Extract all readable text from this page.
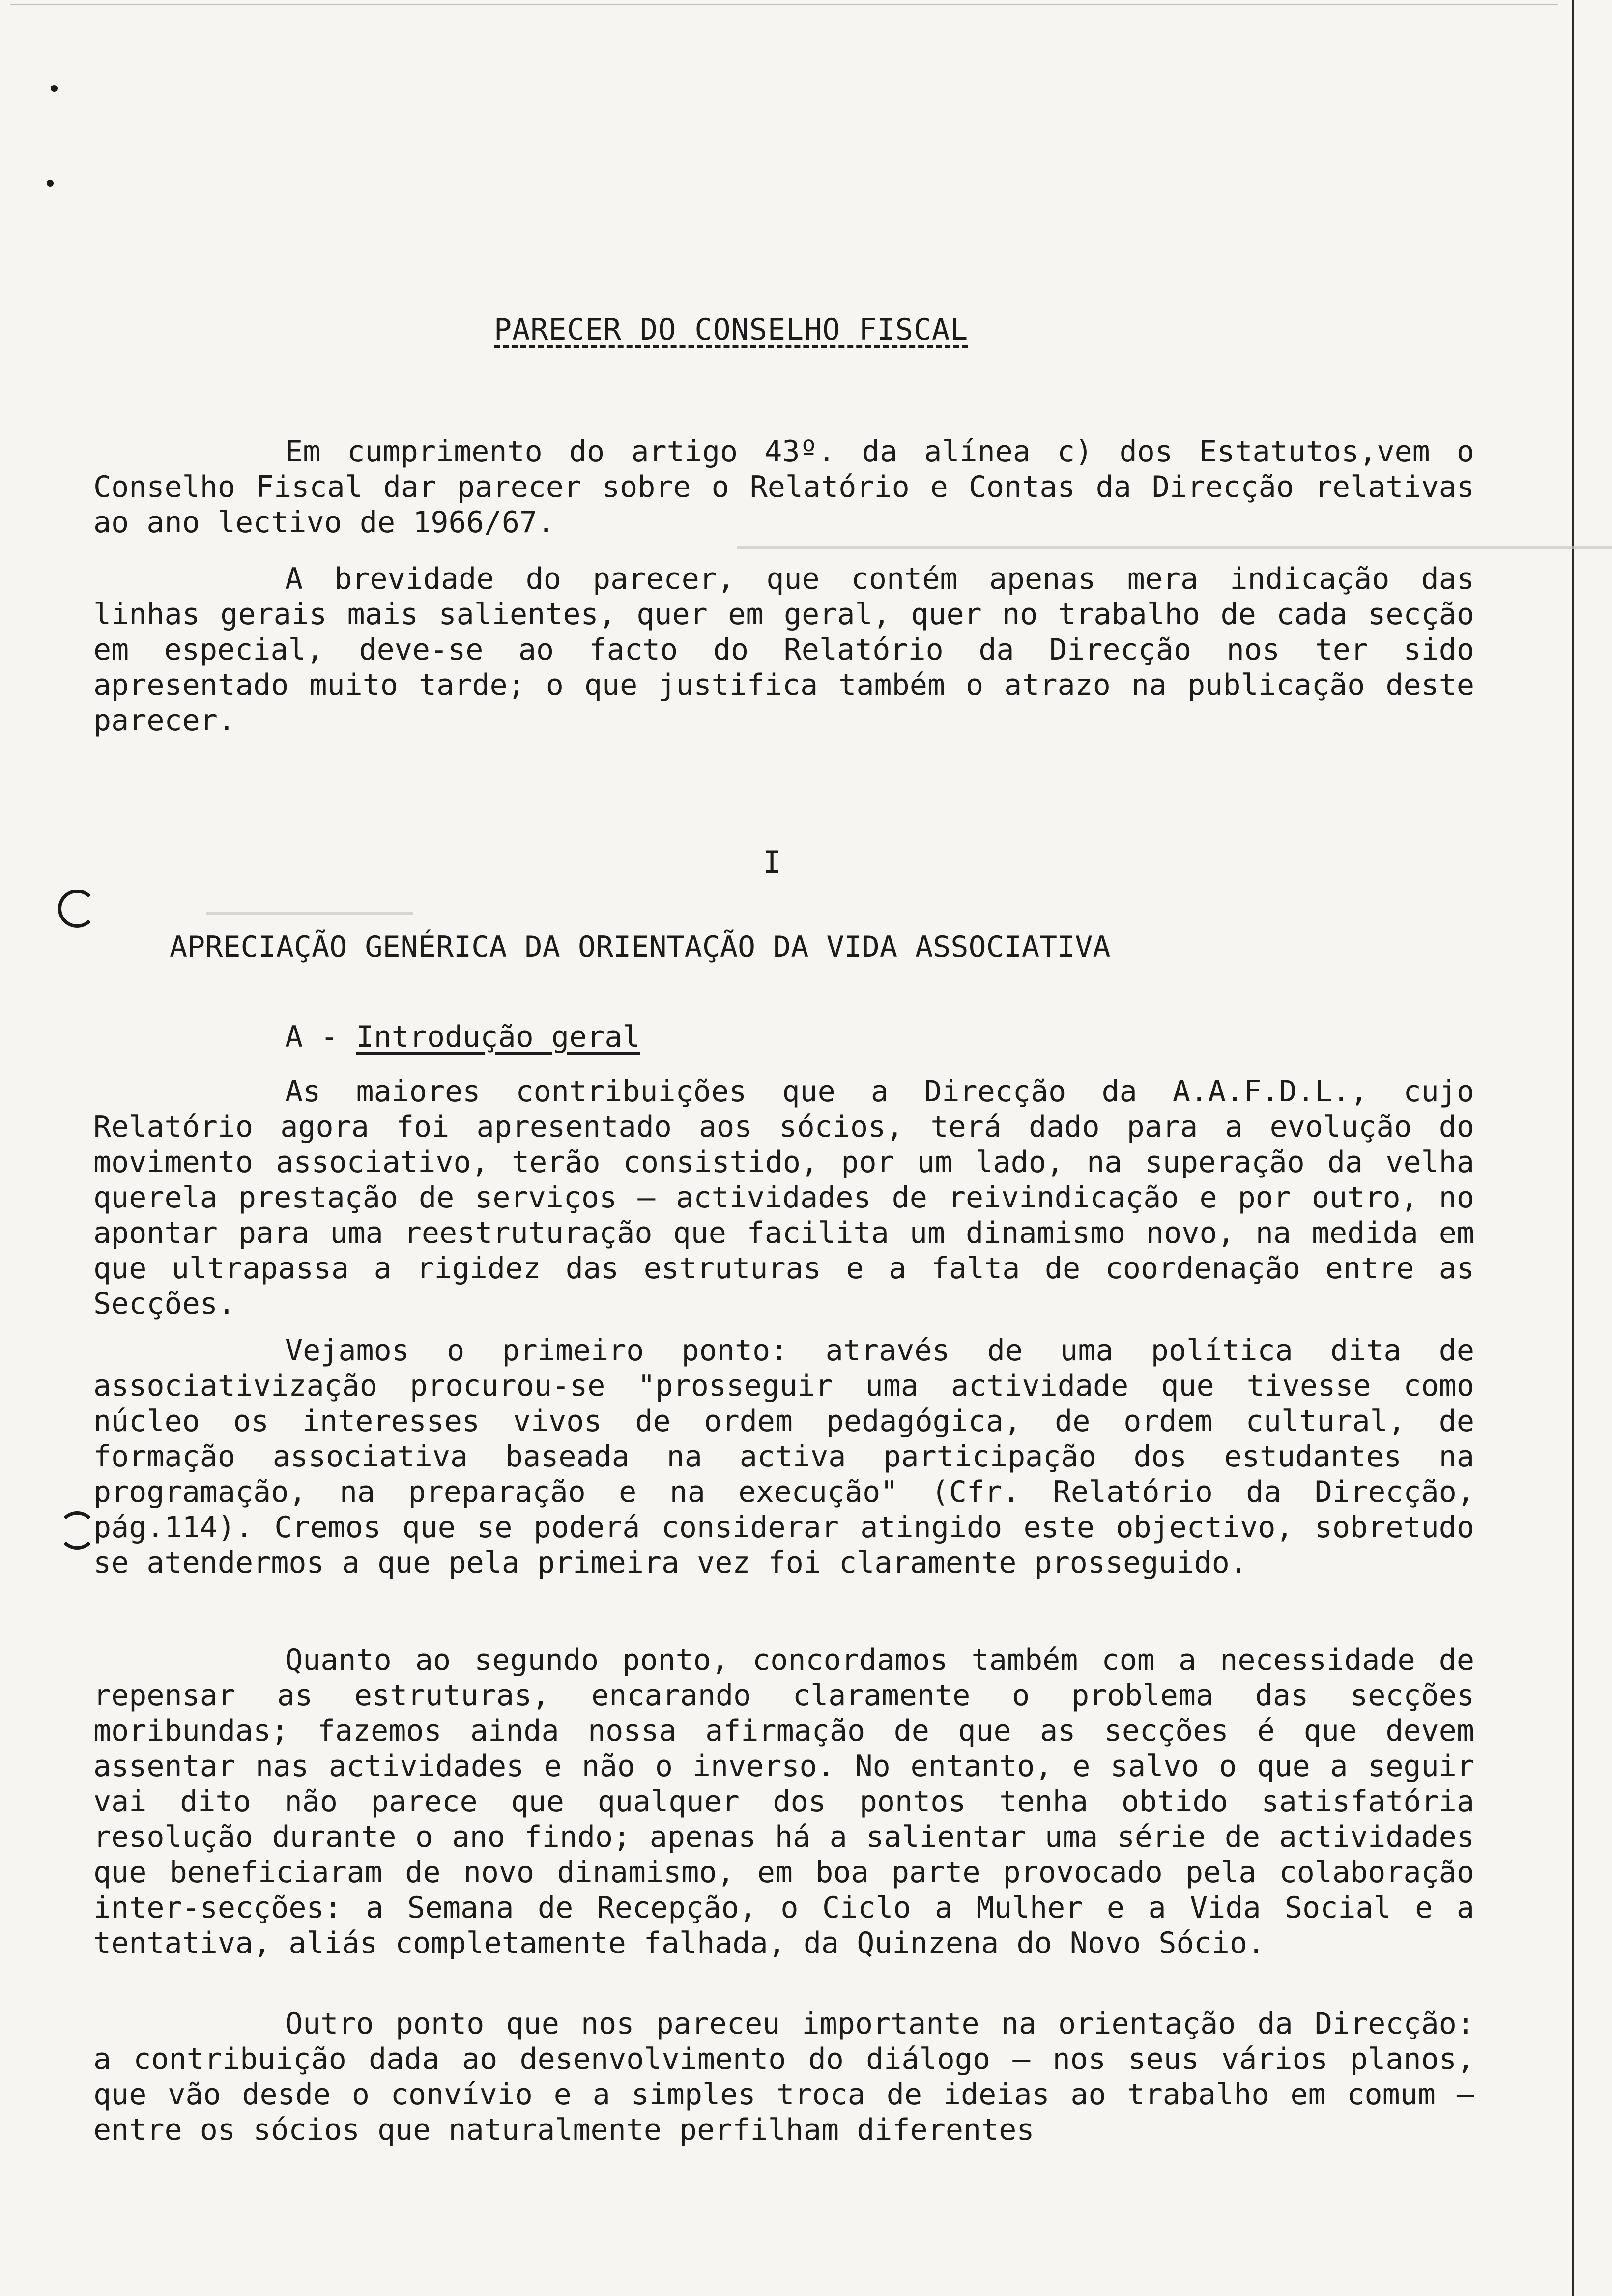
PARECER DO CONSELHO FISCAL

Em cumprimento do artigo 43º. da alínea c) dos Estatutos,vem o Conselho Fiscal dar parecer sobre o Relatório e Contas da Direcção relativas ao ano lectivo de 1966/67.

A brevidade do parecer, que contém apenas mera indicação das linhas gerais mais salientes, quer em geral, quer no trabalho de cada secção em especial, deve-se ao facto do Relatório da Direcção nos ter sido apresentado muito tarde; o que justifica também o atrazo na publicação deste parecer.

I
APRECIAÇÃO GENÉRICA DA ORIENTAÇÃO DA VIDA ASSOCIATIVA
A - Introdução geral

As maiores contribuições que a Direcção da A.A.F.D.L., cujo Relatório agora foi apresentado aos sócios, terá dado para a evolução do movimento associativo, terão consistido, por um lado, na superação da velha querela prestação de serviços — actividades de reivindicação e por outro, no apontar para uma reestruturação que facilita um dinamismo novo, na medida em que ultrapassa a rigidez das estruturas e a falta de coordenação entre as Secções.

Vejamos o primeiro ponto: através de uma política dita de associativização procurou-se "prosseguir uma actividade que tivesse como núcleo os interesses vivos de ordem pedagógica, de ordem cultural, de formação associativa baseada na activa participação dos estudantes na programação, na preparação e na execução" (Cfr. Relatório da Direcção, pág.114). Cremos que se poderá considerar atingido este objectivo, sobretudo se atendermos a que pela primeira vez foi claramente prosseguido.

Quanto ao segundo ponto, concordamos também com a necessidade de repensar as estruturas, encarando claramente o problema das secções moribundas; fazemos ainda nossa afirmação de que as secções é que devem assentar nas actividades e não o inverso. No entanto, e salvo o que a seguir vai dito não parece que qualquer dos pontos tenha obtido satisfatória resolução durante o ano findo; apenas há a salientar uma série de actividades que beneficiaram de novo dinamismo, em boa parte provocado pela colaboração inter-secções: a Semana de Recepção, o Ciclo a Mulher e a Vida Social e a tentativa, aliás completamente falhada, da Quinzena do Novo Sócio.

Outro ponto que nos pareceu importante na orientação da Direcção: a contribuição dada ao desenvolvimento do diálogo — nos seus vários planos, que vão desde o convívio e a simples troca de ideias ao trabalho em comum — entre os sócios que naturalmente perfilham diferentes
